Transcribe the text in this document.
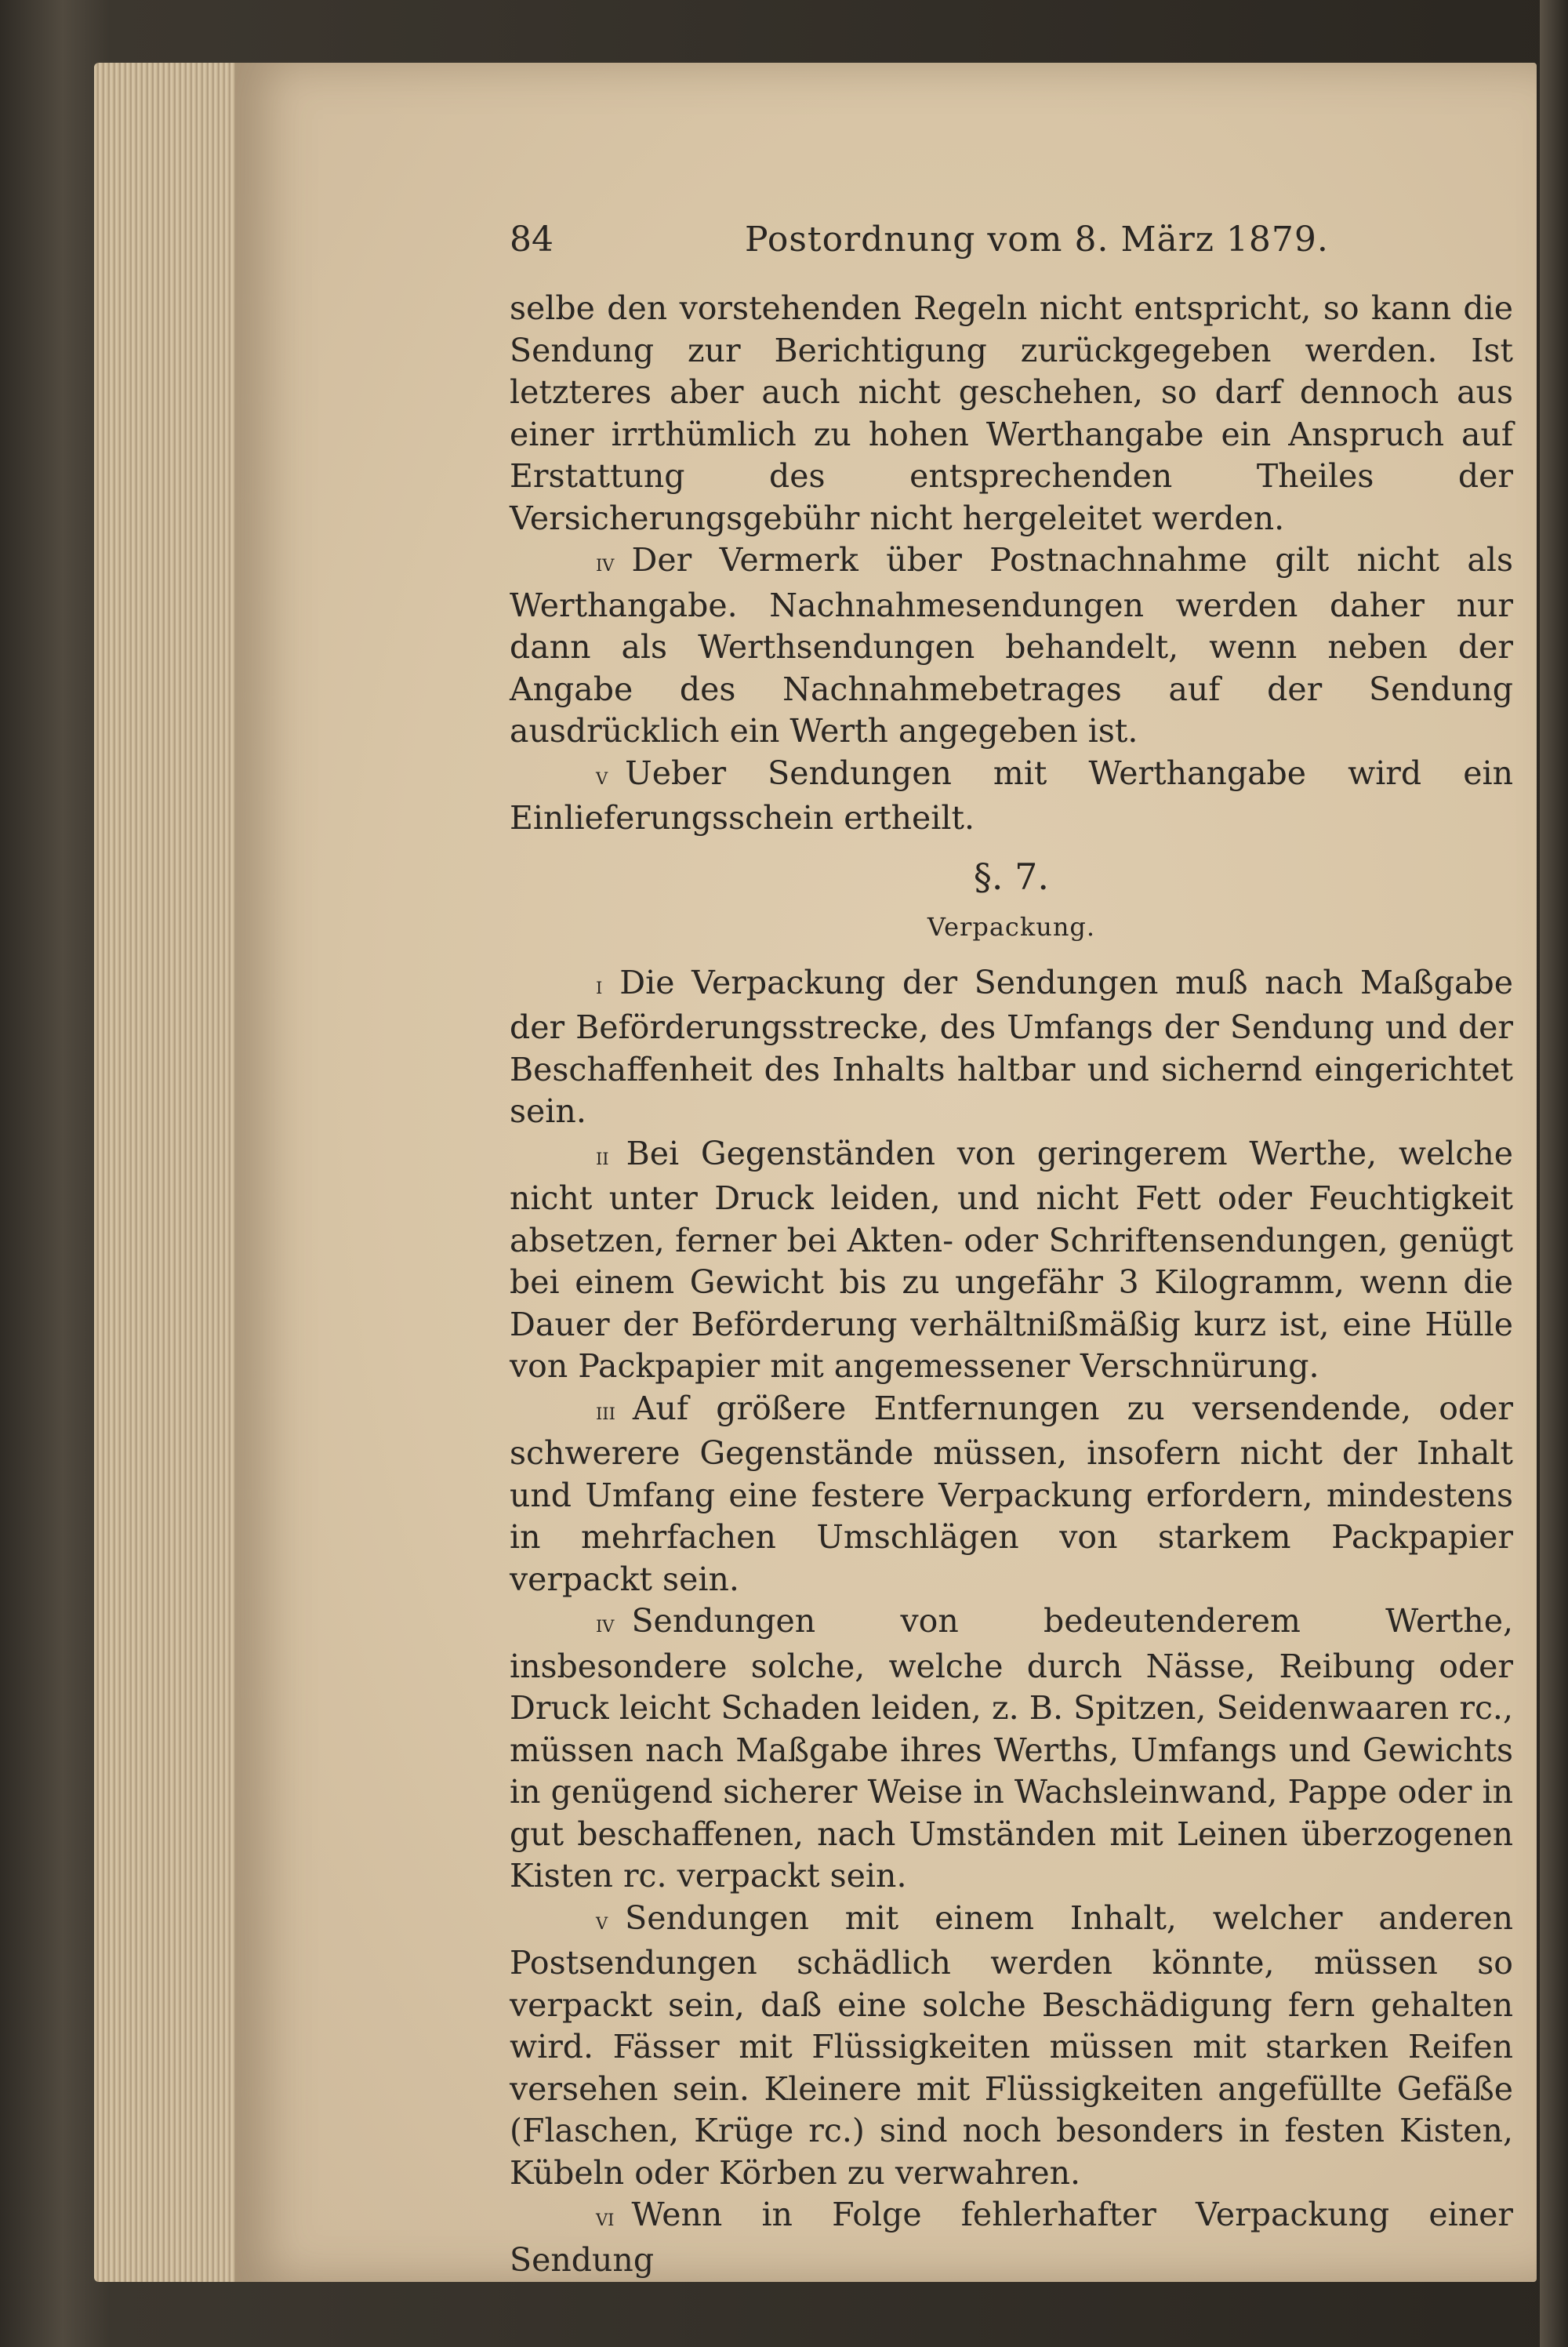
84	Postordnung vom 8. März 1879.

selbe den vorstehenden Regeln nicht entspricht, so kann die Sendung zur Berichtigung zurückgegeben werden. Ist letzteres aber auch nicht geschehen, so darf dennoch aus einer irrthümlich zu hohen Werthangabe ein Anspruch auf Erstattung des entsprechenden Theiles der Versicherungsgebühr nicht hergeleitet werden.

iv Der Vermerk über Postnachnahme gilt nicht als Werthangabe. Nachnahmesendungen werden daher nur dann als Werthsendungen behandelt, wenn neben der Angabe des Nachnahmebetrages auf der Sendung ausdrücklich ein Werth angegeben ist.

v Ueber Sendungen mit Werthangabe wird ein Einlieferungsschein ertheilt.

§. 7.
Verpackung.

i Die Verpackung der Sendungen muß nach Maßgabe der Beförderungsstrecke, des Umfangs der Sendung und der Beschaffenheit des Inhalts haltbar und sichernd eingerichtet sein.

ii Bei Gegenständen von geringerem Werthe, welche nicht unter Druck leiden, und nicht Fett oder Feuchtigkeit absetzen, ferner bei Akten- oder Schriftensendungen, genügt bei einem Gewicht bis zu ungefähr 3 Kilogramm, wenn die Dauer der Beförderung verhältnißmäßig kurz ist, eine Hülle von Packpapier mit angemessener Verschnürung.

iii Auf größere Entfernungen zu versendende, oder schwerere Gegenstände müssen, insofern nicht der Inhalt und Umfang eine festere Verpackung erfordern, mindestens in mehrfachen Umschlägen von starkem Packpapier verpackt sein.

iv Sendungen von bedeutenderem Werthe, insbesondere solche, welche durch Nässe, Reibung oder Druck leicht Schaden leiden, z. B. Spitzen, Seidenwaaren rc., müssen nach Maßgabe ihres Werths, Umfangs und Gewichts in genügend sicherer Weise in Wachsleinwand, Pappe oder in gut beschaffenen, nach Umständen mit Leinen überzogenen Kisten rc. verpackt sein.

v Sendungen mit einem Inhalt, welcher anderen Postsendungen schädlich werden könnte, müssen so verpackt sein, daß eine solche Beschädigung fern gehalten wird. Fässer mit Flüssigkeiten müssen mit starken Reifen versehen sein. Kleinere mit Flüssigkeiten angefüllte Gefäße (Flaschen, Krüge rc.) sind noch besonders in festen Kisten, Kübeln oder Körben zu verwahren.

vi Wenn in Folge fehlerhafter Verpackung einer Sendung
